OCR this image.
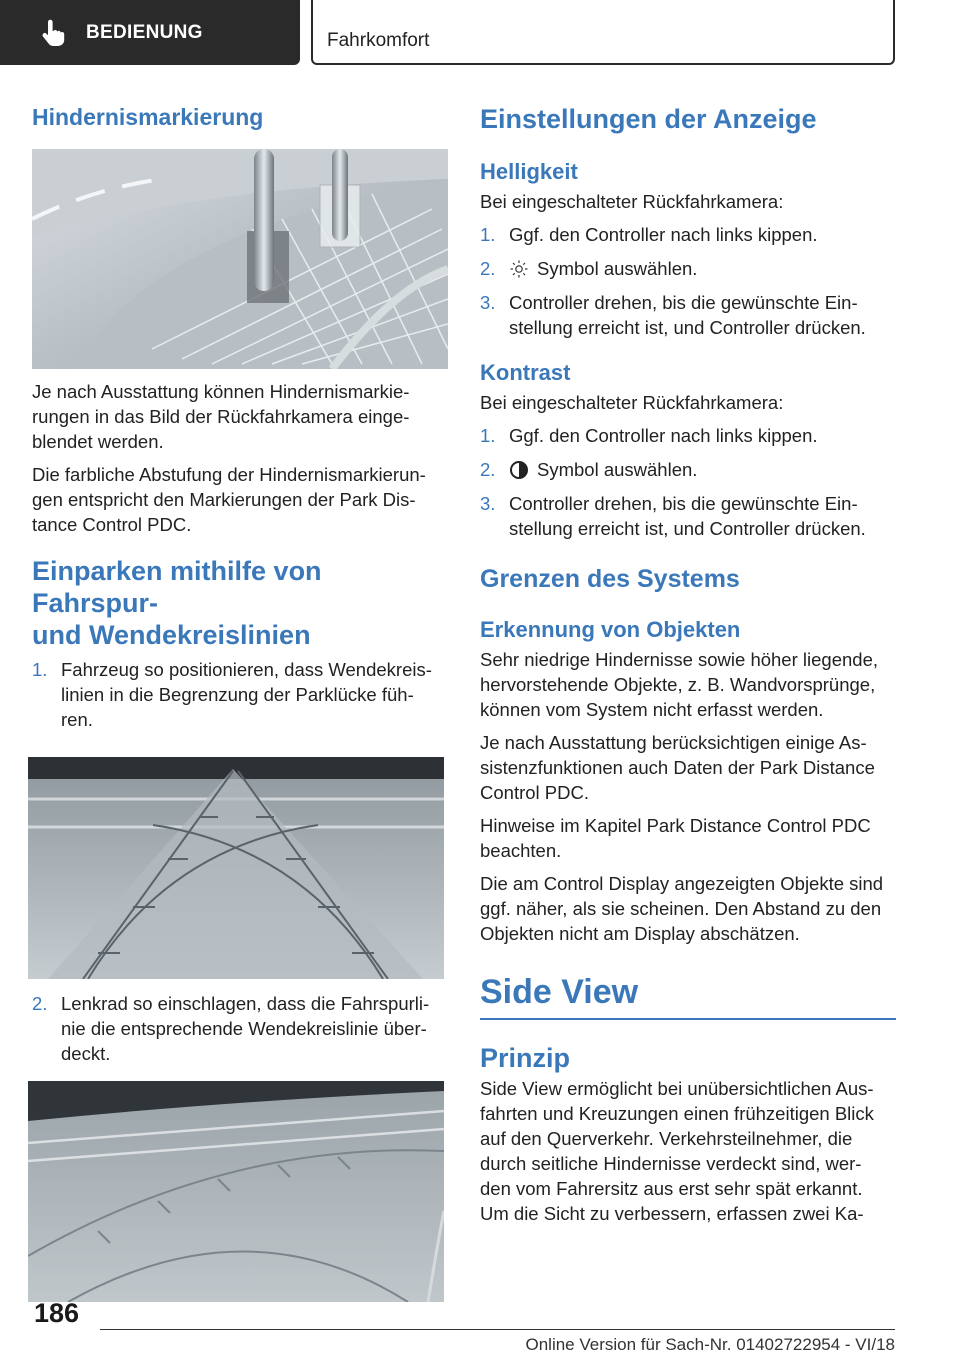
BEDIENUNG	Fahrkomfort
Hindernismarkierung

Je nach Ausstattung können Hindernismarkie-
rungen in das Bild der Rückfahrkamera einge-
blendet werden.

Die farbliche Abstufung der Hindernismarkierun-
gen entspricht den Markierungen der Park Dis-
tance Control PDC.

Einparken mithilfe von Fahrspur-
und Wendekreislinien
1. Fahrzeug so positionieren, dass Wendekreis-
linien in die Begrenzung der Parklücke füh-
ren.
2. Lenkrad so einschlagen, dass die Fahrspurli-
nie die entsprechende Wendekreislinie über-
deckt.
Einstellungen der Anzeige
Helligkeit

Bei eingeschalteter Rückfahrkamera:

1. Ggf. den Controller nach links kippen.
2.	Symbol auswählen.
3. Controller drehen, bis die gewünschte Ein-
stellung erreicht ist, und Controller drücken.
Kontrast

Bei eingeschalteter Rückfahrkamera:

1. Ggf. den Controller nach links kippen.
2.	Symbol auswählen.
3. Controller drehen, bis die gewünschte Ein-
stellung erreicht ist, und Controller drücken.
Grenzen des Systems
Erkennung von Objekten

Sehr niedrige Hindernisse sowie höher liegende,
hervorstehende Objekte, z. B. Wandvorsprünge,
können vom System nicht erfasst werden.

Je nach Ausstattung berücksichtigen einige As-
sistenzfunktionen auch Daten der Park Distance
Control PDC.

Hinweise im Kapitel Park Distance Control PDC
beachten.

Die am Control Display angezeigten Objekte sind
ggf. näher, als sie scheinen. Den Abstand zu den
Objekten nicht am Display abschätzen.

Side View
Prinzip

Side View ermöglicht bei unübersichtlichen Aus-
fahrten und Kreuzungen einen frühzeitigen Blick
auf den Querverkehr. Verkehrsteilnehmer, die
durch seitliche Hindernisse verdeckt sind, wer-
den vom Fahrersitz aus erst sehr spät erkannt.
Um die Sicht zu verbessern, erfassen zwei Ka-

186
Online Version für Sach-Nr. 01402722954 - VI/18
